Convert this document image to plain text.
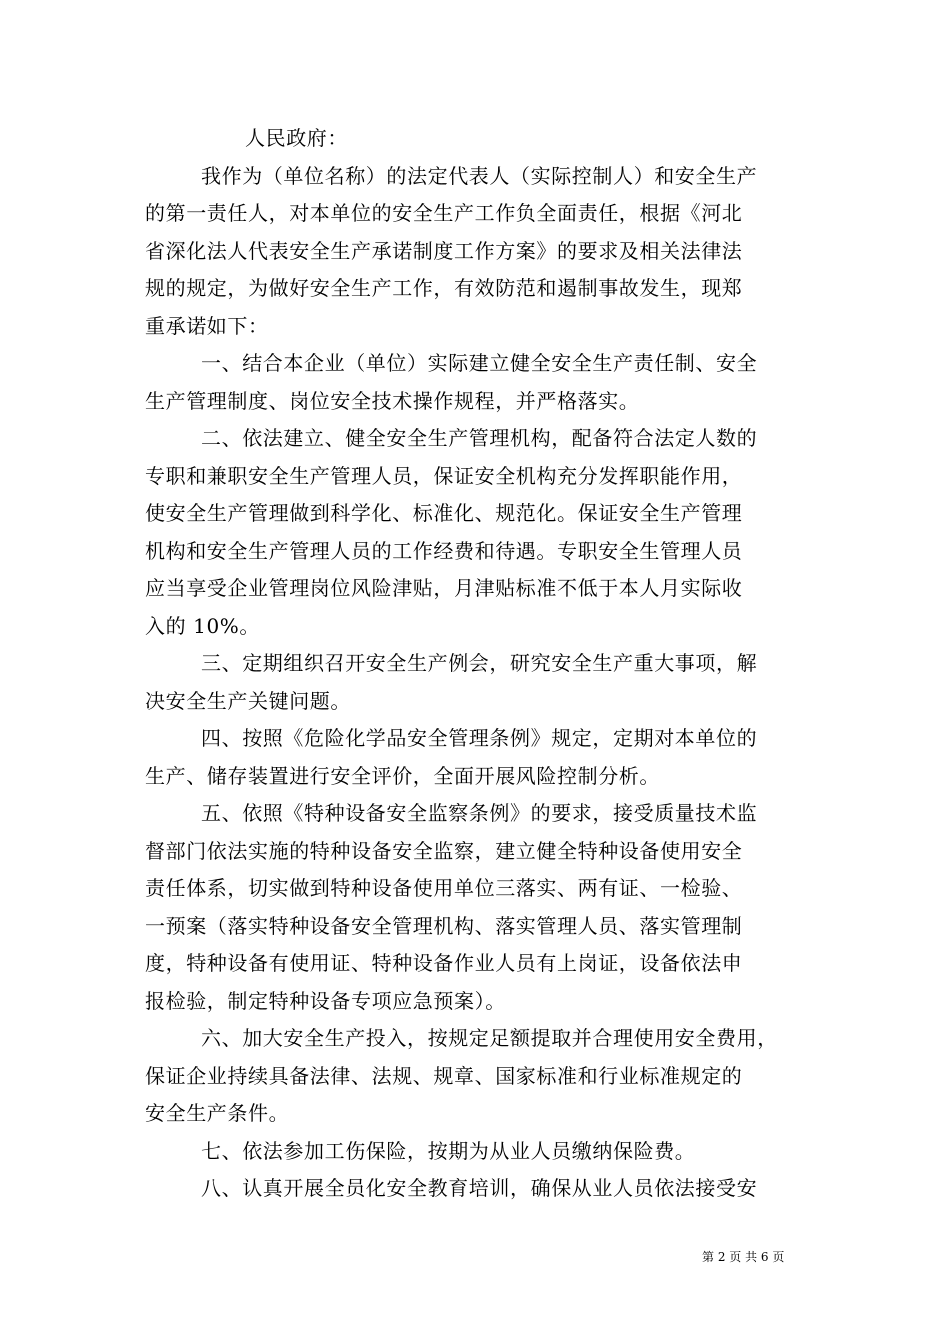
人民政府：
我作为（单位名称）的法定代表人（实际控制人）和安全生产
的第一责任人，对本单位的安全生产工作负全面责任，根据《河北
省深化法人代表安全生产承诺制度工作方案》的要求及相关法律法
规的规定，为做好安全生产工作，有效防范和遏制事故发生，现郑
重承诺如下：
一、结合本企业（单位）实际建立健全安全生产责任制、安全
生产管理制度、岗位安全技术操作规程，并严格落实。
二、依法建立、健全安全生产管理机构，配备符合法定人数的
专职和兼职安全生产管理人员，保证安全机构充分发挥职能作用，
使安全生产管理做到科学化、标准化、规范化。保证安全生产管理
机构和安全生产管理人员的工作经费和待遇。专职安全生管理人员
应当享受企业管理岗位风险津贴，月津贴标准不低于本人月实际收
入的 10%。
三、定期组织召开安全生产例会，研究安全生产重大事项，解
决安全生产关键问题。
四、按照《危险化学品安全管理条例》规定，定期对本单位的
生产、储存装置进行安全评价，全面开展风险控制分析。
五、依照《特种设备安全监察条例》的要求，接受质量技术监
督部门依法实施的特种设备安全监察，建立健全特种设备使用安全
责任体系，切实做到特种设备使用单位三落实、两有证、一检验、
一预案（落实特种设备安全管理机构、落实管理人员、落实管理制
度，特种设备有使用证、特种设备作业人员有上岗证，设备依法申
报检验，制定特种设备专项应急预案）。
六、加大安全生产投入，按规定足额提取并合理使用安全费用，
保证企业持续具备法律、法规、规章、国家标准和行业标准规定的
安全生产条件。
七、依法参加工伤保险，按期为从业人员缴纳保险费。
八、认真开展全员化安全教育培训，确保从业人员依法接受安
第 2 页 共 6 页
